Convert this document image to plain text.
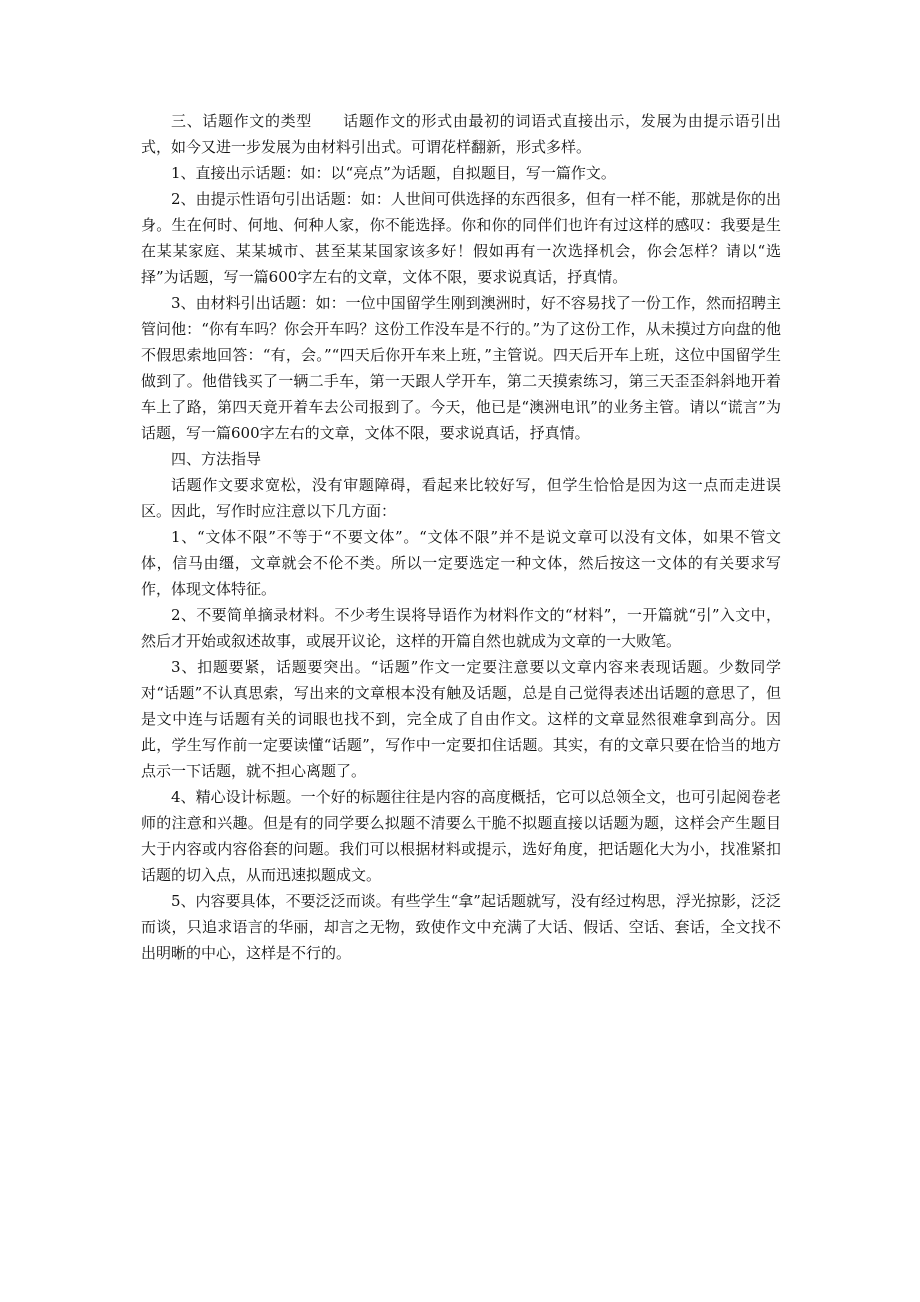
三、话题作文的类型　　话题作文的形式由最初的词语式直接出示，发展为由提示语引出式，如今又进一步发展为由材料引出式。可谓花样翻新，形式多样。

1、直接出示话题：如：以“亮点”为话题，自拟题目，写一篇作文。

2、由提示性语句引出话题：如：人世间可供选择的东西很多，但有一样不能，那就是你的出身。生在何时、何地、何种人家，你不能选择。你和你的同伴们也许有过这样的感叹：我要是生在某某家庭、某某城市、甚至某某国家该多好！假如再有一次选择机会，你会怎样？请以“选择”为话题，写一篇600字左右的文章，文体不限，要求说真话，抒真情。

3、由材料引出话题：如：一位中国留学生刚到澳洲时，好不容易找了一份工作，然而招聘主管问他：“你有车吗？你会开车吗？这份工作没车是不行的。”为了这份工作，从未摸过方向盘的他不假思索地回答：“有，会。”“四天后你开车来上班，”主管说。四天后开车上班，这位中国留学生做到了。他借钱买了一辆二手车，第一天跟人学开车，第二天摸索练习，第三天歪歪斜斜地开着车上了路，第四天竟开着车去公司报到了。今天，他已是“澳洲电讯”的业务主管。请以“谎言”为话题，写一篇600字左右的文章，文体不限，要求说真话，抒真情。

四、方法指导

话题作文要求宽松，没有审题障碍，看起来比较好写，但学生恰恰是因为这一点而走进误区。因此，写作时应注意以下几方面：

1、“文体不限”不等于“不要文体”。“文体不限”并不是说文章可以没有文体，如果不管文体，信马由缰，文章就会不伦不类。所以一定要选定一种文体，然后按这一文体的有关要求写作，体现文体特征。

2、不要简单摘录材料。不少考生误将导语作为材料作文的“材料”，一开篇就“引”入文中，然后才开始或叙述故事，或展开议论，这样的开篇自然也就成为文章的一大败笔。

3、扣题要紧，话题要突出。“话题”作文一定要注意要以文章内容来表现话题。少数同学对“话题”不认真思索，写出来的文章根本没有触及话题，总是自己觉得表述出话题的意思了，但是文中连与话题有关的词眼也找不到，完全成了自由作文。这样的文章显然很难拿到高分。因此，学生写作前一定要读懂“话题”，写作中一定要扣住话题。其实，有的文章只要在恰当的地方点示一下话题，就不担心离题了。

4、精心设计标题。一个好的标题往往是内容的高度概括，它可以总领全文，也可引起阅卷老师的注意和兴趣。但是有的同学要么拟题不清要么干脆不拟题直接以话题为题，这样会产生题目大于内容或内容俗套的问题。我们可以根据材料或提示，选好角度，把话题化大为小，找准紧扣话题的切入点，从而迅速拟题成文。

5、内容要具体，不要泛泛而谈。有些学生“拿”起话题就写，没有经过构思，浮光掠影，泛泛而谈，只追求语言的华丽，却言之无物，致使作文中充满了大话、假话、空话、套话，全文找不出明晰的中心，这样是不行的。
